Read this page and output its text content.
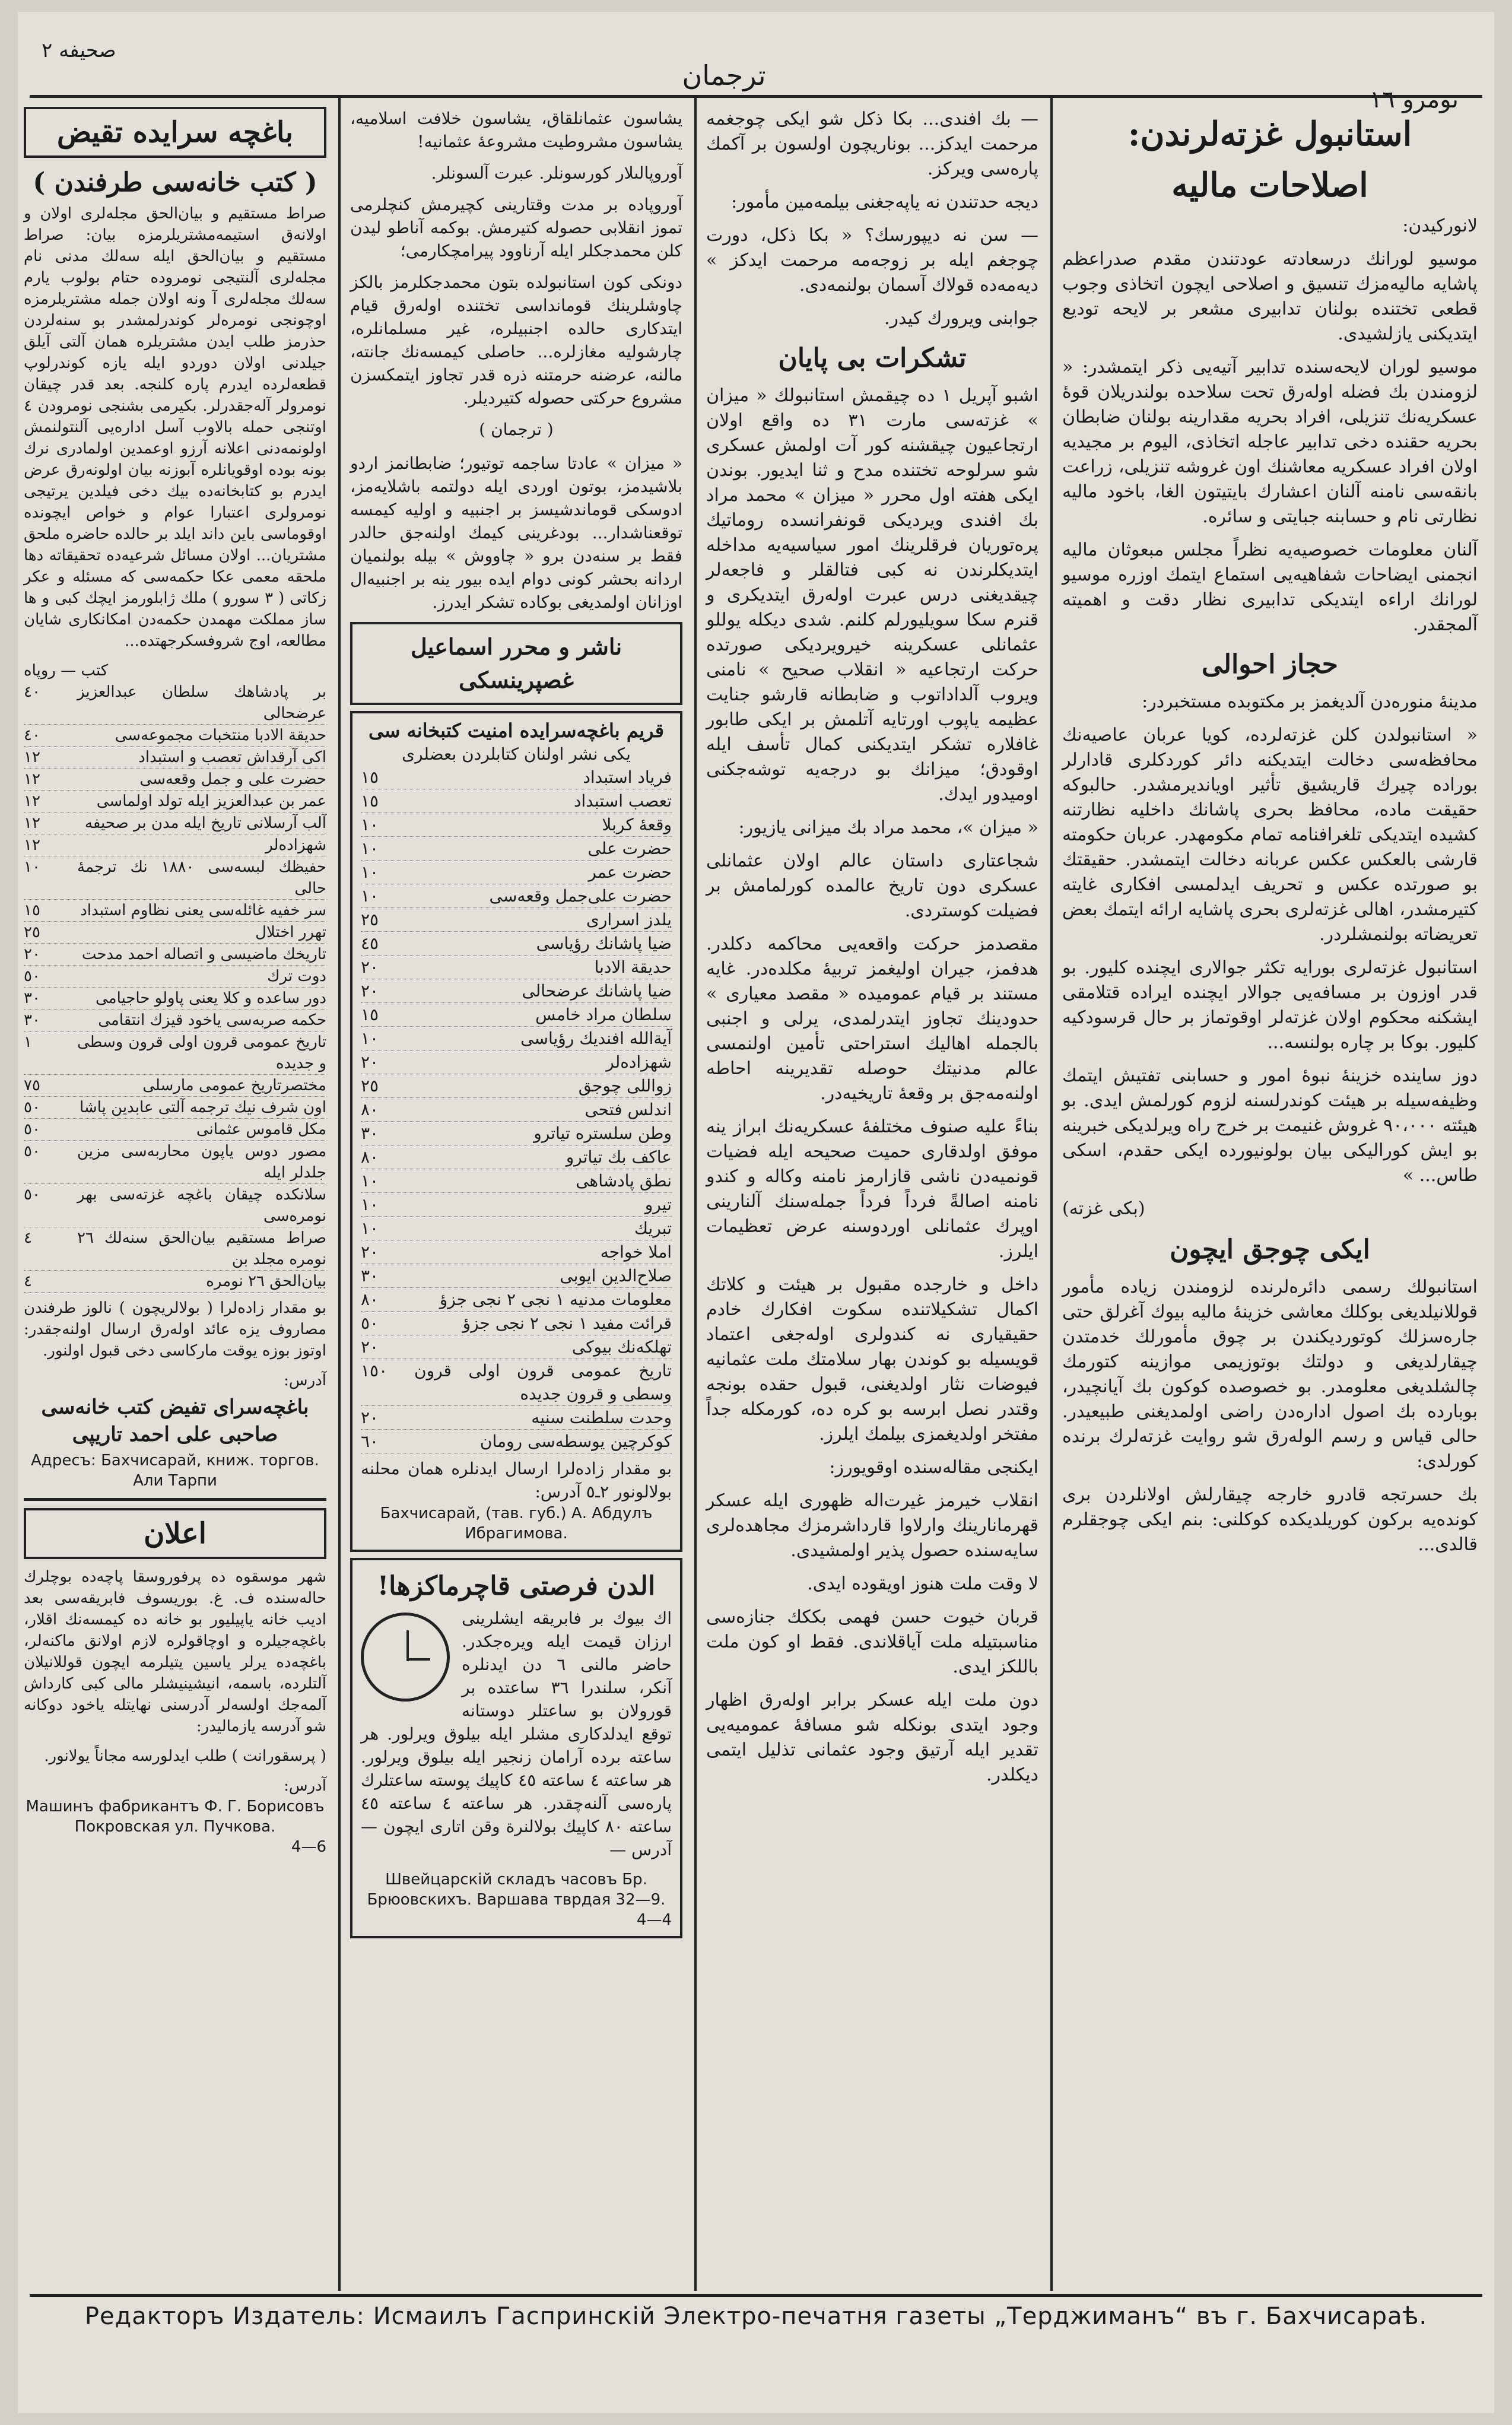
صحيفه ٢
ترجمان
نومرو ١٦
استانبول غزته‌لرندن:
اصلاحات ماليه

لانوركيدن:

موسيو لورانك درسعادته عودتندن مقدم صدراعظم پاشايه ماليه‌مزك تنسيق و اصلاحى ايچون اتخاذى وجوب قطعى تختنده بولنان تدابيرى مشعر بر لايحه توديع ايتديكنى يازلشيدى.

موسيو لوران لايحه‌سنده تدابير آتيه‌يى ذكر ايتمشدر: « لزومندن بك فضله اولەرق تحت سلاحده بولندريلان قوۀ عسكريه‌نك تنزيلى، افراد بحريه مقدارينه بولنان ضابطان بحريه حقنده دخى تدابير عاجله اتخاذى، اليوم بر مجيديه اولان افراد عسكريه معاشنك اون غروشه تنزيلى، زراعت بانقه‌سى نامنه آلنان اعشارك بايتيتون الغا، باخود ماليه نظارتى نام و حسابنه جبايتى و سائره.

آلنان معلومات خصوصيه‌يه نظراً مجلس مبعوثان ماليه انجمنى ايضاحات شفاهيه‌يى استماع ايتمك اوزره موسيو لورانك اراءه ايتديكى تدابيرى نظار دقت و اهميته آلمجقدر.

حجاز احوالى

مدينۀ منوره‌دن آلديغمز بر مكتوبده مستخبردر:

« استانبولدن كلن غزته‌لرده، كويا عربان عاصيه‌نك محافظه‌سى دخالت ايتديكنه دائر كوردكلرى قادارلر بوراده چيرك قاريشيق تأثير اويانديرمشدر. حالبوكه حقيقت ماده، محافظ بحرى پاشانك داخليه نظارتنه كشيده ايتديكى تلغرافنامه تمام مكومهدر. عربان حكومته قارشى بالعكس عكس عربانه دخالت ايتمشدر. حقيقتك بو صورتده عكس و تحريف ايدلمسى افكارى غايته كتيرمشدر، اهالى غزته‌لرى بحرى پاشايه ارائه ايتمك بعض تعريضاته بولنمشلردر.

استانبول غزته‌لرى بورايه تكثر جوالارى ايچنده كليور. بو قدر اوزون بر مسافه‌يى جوالار ايچنده ايراده قتلامقى ايشكنه محكوم اولان غزته‌لر اوقوتماز بر حال قرسودكيه كليور. بوكا بر چاره بولنسه...

دوز ساينده خزينۀ نبوۀ امور و حسابنى تفتيش ايتمك وظيفه‌سيله بر هيئت كوندرلسنه لزوم كورلمش ايدى. بو هيئته ٩٠،٠٠٠ غروش غنيمت بر خرج راه ويرلديكى خبرينه بو ايش كوراليكى بيان بولونيورده ايكى حقدم، اسكى طاس... »

(بكى غزته)
ايكى چوجق ايچون

استانبولك رسمى دائره‌لرنده لزومندن زياده مأمور قوللانيلديغى بوكلك معاشى خزينۀ ماليه بيوك آغرلق حتى جاره‌سزلك كوتورديكندن بر چوق مأمورلك خدمتدن چيقارلديغى و دولتك بوتوزيمى موازينه كتورمك چالشلديغى معلومدر. بو خصوصده كوكون بك آيانچيدر، بوبارده بك اصول ادارەدن راضى اولمديغنى طبيعيدر. حالى قياس و رسم الولەرق شو روايت غزته‌لرك برنده كورلدى:

بك حسرتجه قادرو خارجه چيقارلش اولانلردن برى كونده‌يه بركون كوريلديكده كوكلنى: بنم ايكى چوجقلرم قالدى...

— بك افندى... بكا ذكل شو ايكى چوجغمه مرحمت ايدكز... بوناريچون اولسون بر آكمك پاره‌سى ويركز.

ديجه حدتندن نه ياپه‌جغنى بيلمه‌مين مأمور:

— سن نه ديپورسك؟ « بكا ذكل، دورت چوجغم ايله بر زوجه‌مه مرحمت ايدكز » ديه‌مه‌ده قولاك آسمان بولنمه‌دى.

جوابنى ويرورك كيدر.

تشكرات بى پايان

اشبو آپريل ١ ده چيقمش استانبولك « ميزان » غزته‌سى مارت ٣١ ده واقع اولان ارتجاعيون چيقشنه كور آت اولمش عسكرى شو سرلوحه تختنده مدح و ثنا ايديور. بوندن ايكى هفته اول محرر « ميزان » محمد مراد بك افندى ويرديكى قونفرانسده روماتيك پرەتوريان فرقلرينك امور سياسيه‌يه مداخله ايتديكلرندن نه كبى فتالقلر و فاجعەلر چيقديغنى درس عبرت اولەرق ايتديكرى و قنرم سكا سويليورلم كلنم. شدى ديكله يوللو عثمانلى عسكرينه خيرويرديكى صورتده حركت ارتجاعيه « انقلاب صحيح » نامنى ويروب آلداداتوب و ضابطانه قارشو جنايت عظيمه ياپوب اورتايه آتلمش بر ايكى طابور غافلاره تشكر ايتديكنى كمال تأسف ايله اوقودق؛ ميزانك بو درجه‌يه توشه‌جكنى اوميدور ايدك.

« ميزان »، محمد مراد بك ميزانى يازيور:

شجاعتارى داستان عالم اولان عثمانلى عسكرى دون تاريخ عالمده كورلمامش بر فضيلت كوستردى.

مقصدمز حركت واقعه‌يى محاكمه دكلدر. هدفمز، جيران اوليغمز تربيۀ مكلده‌در. غايه مستند بر قيام عموميده « مقصد معيارى » حدودينك تجاوز ايتدرلمدى، يرلى و اجنبى بالجمله اهاليك استراحتى تأمين اولنمسى عالم مدنيتك حوصله تقديرينه احاطه اولنه‌مه‌جق بر وقعۀ تاريخيه‌در.

بناءً عليه صنوف مختلفۀ عسكريه‌نك ابراز ينه موفق اولدقارى حميت صحيحه ايله فضيات قونميه‌دن ناشى قازار‌مز نامنه وكاله و كندو نامنه اصالةً فرداً فرداً جملەسنك آلنارينى اوپرك عثمانلى اوردوسنه عرض تعظيمات ايلرز.

داخل و خارجده مقبول بر هيئت و كلاتك اكمال تشكيلاتنده سكوت افكارك خادم حقيقيارى نه كندولرى اولەجغى اعتماد قويسيله بو كوندن بهار سلامتك ملت عثمانيه فيوضات نثار اولديغنى، قبول حقده بونجه وقتدر نصل ابرسه بو كره ده، كورمكله جداً مفتخر اولديغمزى بيلمك ايلرز.

ايكنجى مقاله‌سنده اوقويورز:

انقلاب خيرمز غيرت‌اله ظهورى ايله عسكر قهرمانارينك وارلاوا قارداشرمزك مجاهده‌لرى سايه‌سنده حصول پذير اولمشيدى.

لا وقت ملت هنوز اويقوده ايدى.

قربان خيوت حسن فهمى بككك جنازه‌سى مناسبتيله ملت آياقلاندى. فقط او كون ملت باللكز ايدى.

دون ملت ايله عسكر برابر اولەرق اظهار وجود ايتدى بونكله شو مسافۀ عموميه‌يى تقدير ايله آرتيق وجود عثمانى تذليل ايتمى ديكلدر.

يشاسون عثمانلقاق، يشاسون خلافت اسلاميه، يشاسون مشروطيت مشروعۀ عثمانيه!

آوروپالىلار كورسونلر. عبرت آلسونلر.

آوروپاده بر مدت وقتارينى كچيرمش كنچلرمى تموز انقلابى حصوله كتيرمش. بوكمه آناطو ليدن كلن محمدجكلر ايله آرناوود پيرامچكارمى؛

دونكى كون استانبولده بتون محمدجكلرمز بالكز چاوشلرينك قومانداسى تختنده اولەرق قيام ايتدكارى حالده اجنبيلره، غير مسلمانلره، چارشوليه مغازلره... حاصلى كيمسه‌نك جانته، مالنه، عرضنه حرمتنه ذره قدر تجاوز ايتمكسزن مشروع حركتى حصوله كتيرديلر.

( ترجمان )

« ميزان » عادتا ساجمه توتيور؛ ضابطانمز اردو بلاشيدمز، بوتون اوردى ايله دولتمه باشلايه‌مز، ادوسكى قوماندشيسز بر اجنبيه و اوليه كيمسه توقعناشدار... بودغرينى كيمك اولنه‌جق حالدر فقط بر سنه‌دن برو « چاووش » بيله بولنميان اردانه بحشر كونى دوام ايده بيور ينه بر اجنبيه‌ال اوزانان اولمديغى بوكاده تشكر ايدرز.

ناشر و محرر اسماعيل غصپرينسكى
قريم باغچه‌سرايده امنيت كتبخانه سى
يكى نشر اولنان كتابلردن بعضلرى
فرياد استبداد
١٥
تعصب استبداد
١٥
وقعۀ كربلا
١٠
حضرت على
١٠
حضرت عمر
١٠
حضرت على‌جمل وقعه‌سى
١٠
يلدز اسرارى
٢٥
ضيا پاشانك رؤياسى
٤٥
حديقة الادبا
٢٠
ضيا پاشانك عرضحالى
٢٠
سلطان مراد خامس
١٥
آيةالله افنديك رؤياسى
١٠
شهزادەلر
٢٠
زواللى چوجق
٢٥
اندلس فتحى
٨٠
وطن سلسترە تياترو
٣٠
عاكف بك تياترو
٨٠
نطق پادشاهى
١٠
تيرو
١٠
تبريك
١٠
املا خواجه
٢٠
صلاح‌الدين ايوبى
٣٠
معلومات مدنيه ١ نجى ٢ نجى جزؤ
٨٠
قرائت مفيد ١ نجى ٢ نجى جزؤ
٥٠
تهلكه‌نك بيوكى
٢٠
تاريخ عمومى قرون اولى قرون وسطى و قرون جديده
١٥٠
وحدت سلطنت سنيه
٢٠
كوكرچين يوسطه‌سى رومان
٦٠
بو مقدار زاده‌لرا ارسال ايدنلره همان محلنه بولالونور ٢ـ٥ آدرس:
Бахчисарай, (тав. губ.) А. Абдулъ Ибрагимова.
الدن فرصتى قاچرماكزها!

اك بيوك بر فابريقه ايشلرينى ارزان قيمت ايله ويره‌جكدر. حاضر مالنى ٦ دن ايدنلره آنكر، سلندرا ٣٦ ساعتده بر قورولان بو ساعتلر دوستانه توقع ايدلدكارى مشلر ايله بيلوق ويرلور. هر ساعته برده آرامان زنجير ايله بيلوق ويرلور. هر ساعته ٤ ساعته ٤٥ كاپيك پوسته ساعتلرك پارەسى آلنه‌چقدر. هر ساعته ٤ ساعته ٤٥ ساعته ٨٠ كاپيك بولالنرة وقن اتارى ايچون — آدرس —

Швейцарскій складъ часовъ Бр. Брюовскихъ. Варшава тврдая 32—9.
4—4
باغچه سرايده تقيض
( كتب خانه‌سى طرفندن )

صراط مستقيم و بيان‌الحق مجلەلرى اولان و اولانەق استيمه‌مشتريلرمزه بيان: صراط مستقيم و بيان‌الحق ايله سه‌لك مدنى نام مجلەلرى آلنتيجى نومروده حتام بولوب يارم سه‌لك مجلەلرى آ ونه اولان جمله مشتريلرمزه اوچونجى نومرەلر كوندرلمشدر بو سنه‌لردن حذرمز طلب ايدن مشتريلره همان آلتى آيلق جيلدنى اولان دوردو ايله يازه كوندرلوپ قطعه‌لرده ايدرم پاره كلنجه. بعد قدر چيقان نومرولر آلەجقدرلر. بكيرمى بشنجى نومرودن ٤ اوتنجى حمله بالاوب آسل اداره‌يى آلنتولنمش اولونمه‌دنى اعلانه آرزو اوعمدين اولمادرى نرك بونه بوده اوقويانلره آبوزنه بيان اولونه‌رق عرض ايدرم بو كتابخانه‌ده بيك دخى فيلدين يرتيجى نومرولرى اعتبارا عوام و خواص ايچونده اوقوماسى باين داند ايلد بر حالده حاضره ملحق مشتريان... اولان مسائل شرعيه‌ده تحقيقاته دها ملحقه معمى عكا حكمه‌سى كه مسئله و عكر زكاتى ( ٣ سورو ) ملك ژابلورمز ايچك كبى و ها ساز مملكت مهمدن حكمه‌دن امكانكارى شايان مطالعه، اوج شروفسكرجهتده...

كتب — روپاه
بر پادشاهك سلطان عبدالعزيز عرضحالى
٤٠
حديقة الادبا منتخبات مجموعه‌سى
٤٠
اكى آرقداش تعصب و استبداد
١٢
حضرت على و جمل وقعه‌سى
١٢
عمر بن عبدالعزيز ايله تولد اولماسى
١٢
آلب آرسلانى تاريخ ايله مدن بر صحيفه
١٢
شهزادەلر
١٢
حفيظك لبسه‌سى ١٨٨٠ نك ترجمۀ حالى
١٠
سر خفيه غائله‌سى يعنى نظاوم استبداد
١٥
تهرر اختلال
٢٥
تاريخك ماضيسى و اتصاله احمد مدحت
٢٠
دوت ترك
٥٠
دور ساعده و كلا يعنى پاولو حاجيامى
٣٠
حكمه صربه‌سى ياخود قيزك انتقامى
٣٠
تاريخ عمومى قرون اولى قرون وسطى و جديده
١
مختصرتاريخ عمومى مارسلى
٧٥
اون شرف نيك ترجمه آلتى عابدين پاشا
٥٠
مكل قاموس عثمانى
٥٠
مصور دوس ياپون محاربه‌سى مزين جلدلر ايله
٥٠
سلانكده چيقان باغچه غزته‌سى بهر نومره‌سى
٥٠
صراط مستقيم بيان‌الحق سنه‌لك ٢٦ نومره مجلد بن
٤
بيان‌الحق ٢٦ نومره
٤

بو مقدار زاده‌لرا ( بولالريچون ) نالوز طرفندن مصاروف يزه عائد اوله‌رق ارسال اولنه‌جقدر: اوتوز بوزه يوقت ماركاسى دخى قبول اولنور.

آدرس:
باغچه‌سراى تفيض كتب خانه‌سى صاحبى على احمد تاريپى
Адресъ: Бахчисарай, книж. торгов. Али Тарпи
اعلان

شهر موسقوه ده پرفوروسقا پاچه‌ده بوچلرك حاله‌سنده ف. غ. بوريسوف فابريقه‌سى بعد اديب خانه ياپيليور بو خانه ده كيمسه‌نك اقلار، باغچه‌جيلره و اوچاقولرە لازم اولانق ماكنه‌لر، باغچه‌ده يرلر ياسين يتيلرمە ايچون قوللانيلان آلتلرده، باسمه، انيشينيشلر مالى كبى كارداش آلمه‌جك اولسەلر آدرسنى نهايتله ياخود دوكانه شو آدرسه يازماليدر:

( پرسقورانت ) طلب ايدلورسه مجاناً يولانور.

آدرس:
Машинъ фабрикантъ Ф. Г. Борисовъ Покровская ул. Пучкова.
4—6
Редакторъ Издатель: Исмаилъ Гаспринскій Электро-печатня газеты „Терджиманъ“ въ г. Бахчисараѣ.
